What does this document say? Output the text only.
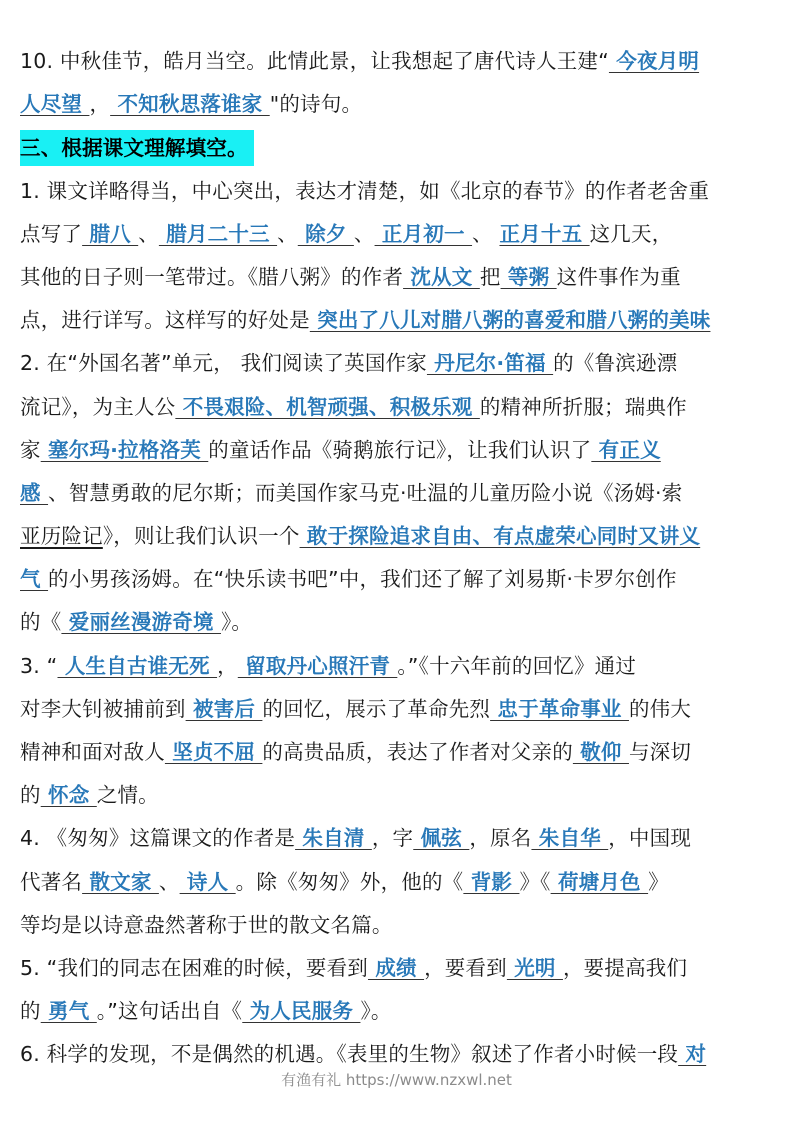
10. 中秋佳节，皓月当空。此情此景，让我想起了唐代诗人王建“ 今夜月明
人尽望 ， 不知秋思落谁家 "的诗句。
三、根据课文理解填空。
1. 课文详略得当，中心突出，表达才清楚，如《北京的春节》的作者老舍重
点写了 腊八 、 腊月二十三 、 除夕 、 正月初一 、 正月十五 这几天，
其他的日子则一笔带过。《腊八粥》的作者 沈从文 把 等粥 这件事作为重
点，进行详写。这样写的好处是 突出了八儿对腊八粥的喜爱和腊八粥的美味
2. 在“外国名著”单元， 我们阅读了英国作家 丹尼尔·笛福 的《鲁滨逊漂
流记》，为主人公 不畏艰险、机智顽强、积极乐观 的精神所折服；瑞典作
家 塞尔玛·拉格洛芙 的童话作品《骑鹅旅行记》，让我们认识了 有正义
感 、智慧勇敢的尼尔斯；而美国作家马克·吐温的儿童历险小说《汤姆·索
亚历险记》，则让我们认识一个 敢于探险追求自由、有点虚荣心同时又讲义
气 的小男孩汤姆。在“快乐读书吧”中，我们还了解了刘易斯·卡罗尔创作
的《 爱丽丝漫游奇境 》。
3. “ 人生自古谁无死 ， 留取丹心照汗青 。”《十六年前的回忆》通过
对李大钊被捕前到 被害后 的回忆，展示了革命先烈 忠于革命事业 的伟大
精神和面对敌人 坚贞不屈 的高贵品质，表达了作者对父亲的 敬仰 与深切
的 怀念 之情。
4. 《匆匆》这篇课文的作者是 朱自清 ，字 佩弦 ，原名 朱自华 ，中国现
代著名 散文家 、 诗人 。除《匆匆》外，他的《 背影 》《 荷塘月色 》
等均是以诗意盎然著称于世的散文名篇。
5. “我们的同志在困难的时候，要看到 成绩 ，要看到 光明 ，要提高我们
的 勇气 。”这句话出自《 为人民服务 》。
6. 科学的发现，不是偶然的机遇。《表里的生物》叙述了作者小时候一段 对
有渔有礼 https://www.nzxwl.net
